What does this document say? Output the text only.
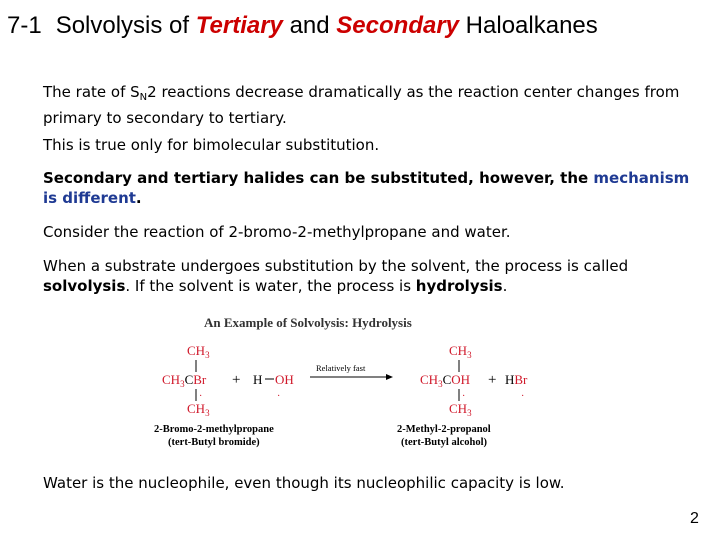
7-1 Solvolysis of Tertiary and Secondary Haloalkanes
The rate of $S_N2$ reactions decrease dramatically as the reaction center changes from primary to secondary to tertiary.
This is true only for bimolecular substitution.
Secondary and tertiary halides can be substituted, however, the mechanism is different.
Consider the reaction of 2-bromo-2-methylpropane and water.
When a substrate undergoes substitution by the solvent, the process is called solvolysis. If the solvent is water, the process is hydrolysis.
An Example of Solvolysis: Hydrolysis
$CH_3$
$CH_3CBr$
·
$CH_3$
+ H OH
·
Relatively fast
$CH_3$
$CH_3COH$
·
$CH_3$
+ HBr
·
2-Bromo-2-methylpropane
(tert-Butyl bromide)
2-Methyl-2-propanol
(tert-Butyl alcohol)
Water is the nucleophile, even though its nucleophilic capacity is low.
2
